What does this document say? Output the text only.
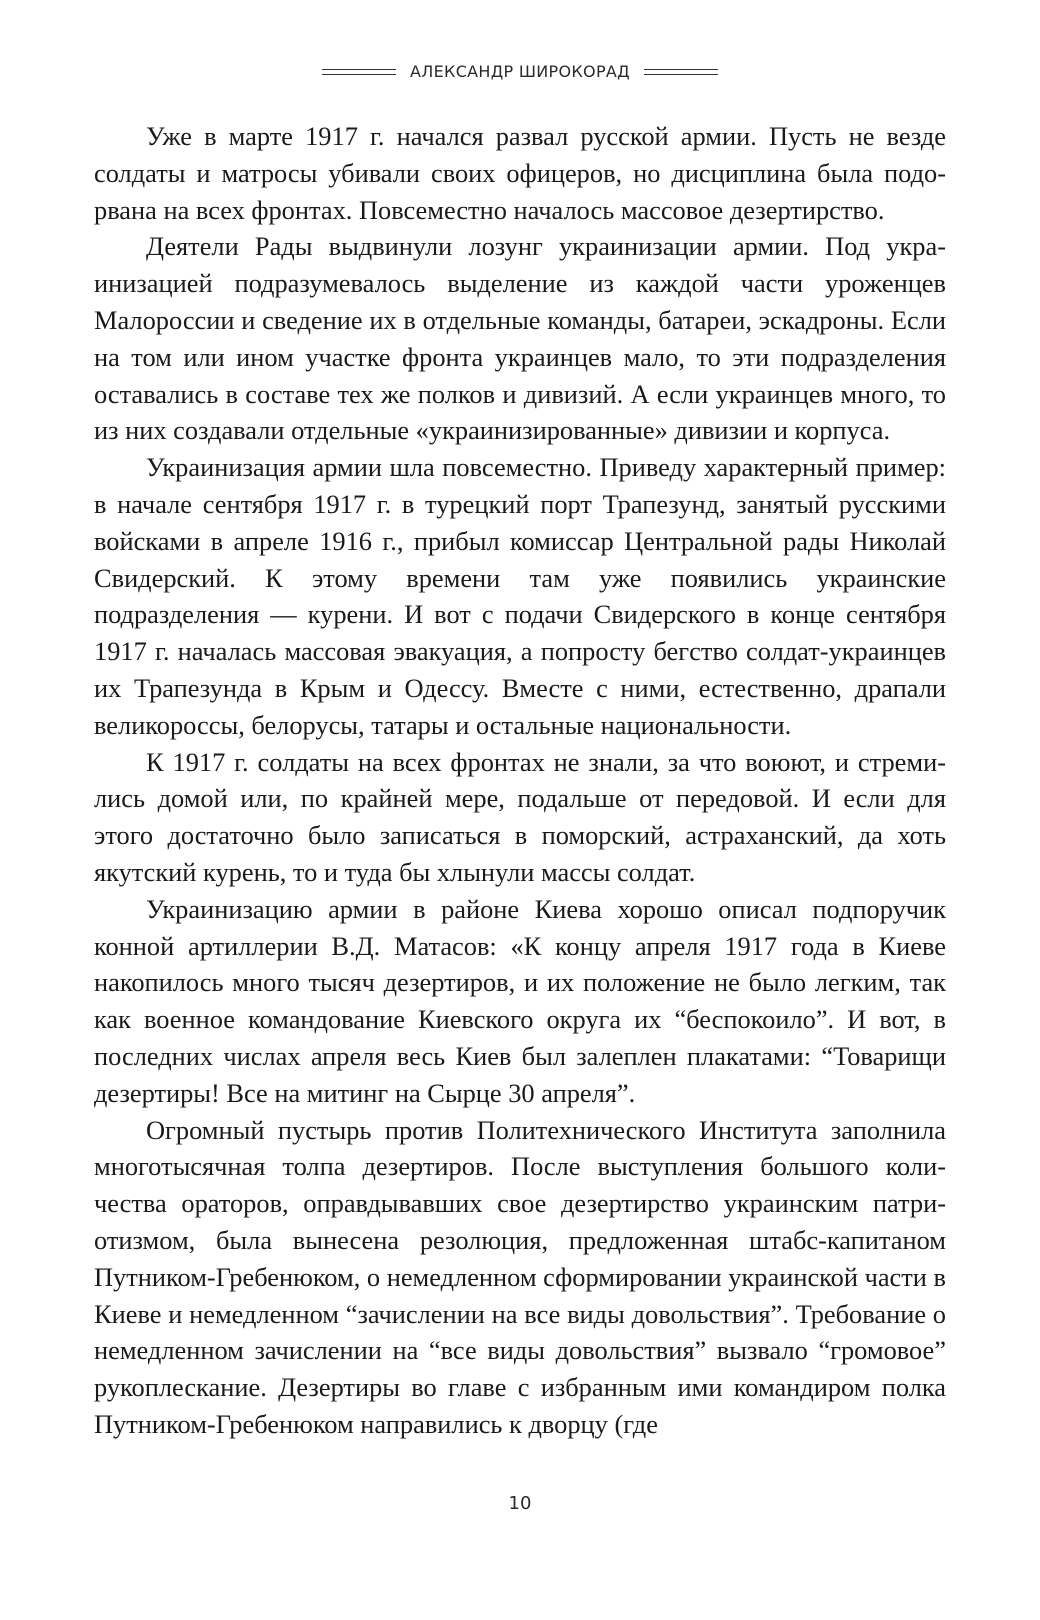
АЛЕКСАНДР ШИРОКОРАД

Уже в марте 1917 г. начался развал русской армии. Пусть не везде солдаты и матросы убивали своих офицеров, но дисциплина была подорвана на всех фронтах. Повсеместно началось массовое дезертирство.

Деятели Рады выдвинули лозунг украинизации армии. Под украинизацией подразумевалось выделение из каждой части уроженцев Малороссии и сведение их в отдельные команды, батареи, эскадроны. Если на том или ином участке фронта украинцев мало, то эти подразделения оставались в составе тех же полков и дивизий. А если украинцев много, то из них создавали отдельные «украинизированные» дивизии и корпуса.

Украинизация армии шла повсеместно. Приведу характерный пример: в начале сентября 1917 г. в турецкий порт Трапезунд, занятый русскими войсками в апреле 1916 г., прибыл комиссар Центральной рады Николай Свидерский. К этому времени там уже появились украинские подразделения — курени. И вот с подачи Свидерского в конце сентября 1917 г. началась массовая эвакуация, а попросту бегство солдат-украинцев их Трапезунда в Крым и Одессу. Вместе с ними, естественно, драпали великороссы, белорусы, татары и остальные национальности.

К 1917 г. солдаты на всех фронтах не знали, за что воюют, и стремились домой или, по крайней мере, подальше от передовой. И если для этого достаточно было записаться в поморский, астраханский, да хоть якутский курень, то и туда бы хлынули массы солдат.

Украинизацию армии в районе Киева хорошо описал подпоручик конной артиллерии В.Д. Матасов: «К концу апреля 1917 года в Киеве накопилось много тысяч дезертиров, и их положение не было легким, так как военное командование Киевского округа их “беспокоило”. И вот, в последних числах апреля весь Киев был залеплен плакатами: “Товарищи дезертиры! Все на митинг на Сырце 30 апреля”.

Огромный пустырь против Политехнического Института заполнила многотысячная толпа дезертиров. После выступления большого количества ораторов, оправдывавших свое дезертирство украинским патриотизмом, была вынесена резолюция, предложенная штабс-капитаном Путником-Гребенюком, о немедленном сформировании украинской части в Киеве и немедленном “зачислении на все виды довольствия”. Требование о немедленном зачислении на “все виды довольствия” вызвало “громовое” рукоплескание. Дезертиры во главе с избранным ими командиром полка Путником-Гребенюком направились к дворцу (где

10
